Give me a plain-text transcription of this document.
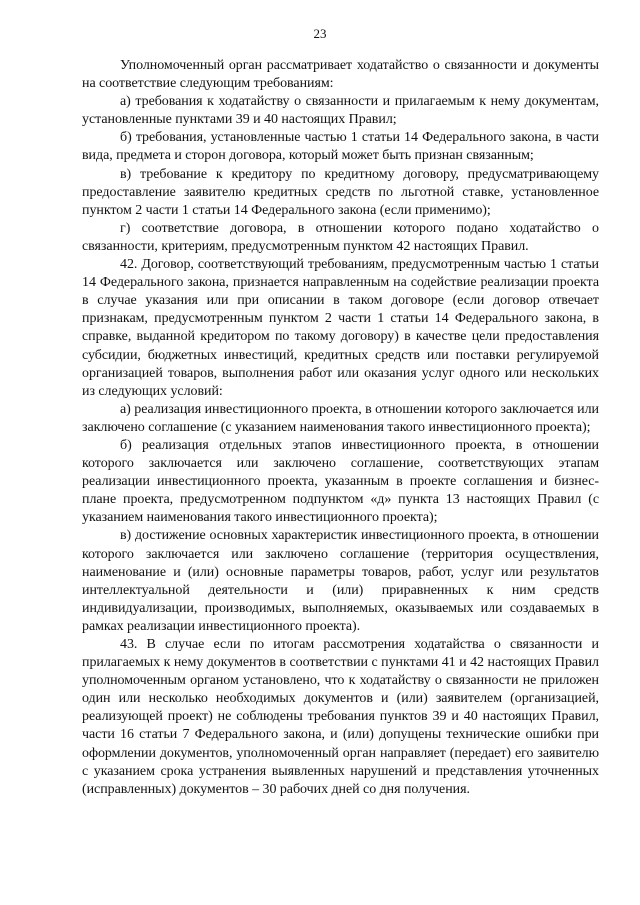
23

Уполномоченный орган рассматривает ходатайство о связанности и документы на соответствие следующим требованиям:

а) требования к ходатайству о связанности и прилагаемым к нему документам, установленные пунктами 39 и 40 настоящих Правил;

б) требования, установленные частью 1 статьи 14 Федерального закона, в части вида, предмета и сторон договора, который может быть признан связанным;

в) требование к кредитору по кредитному договору, предусматривающему предоставление заявителю кредитных средств по льготной ставке, установленное пунктом 2 части 1 статьи 14 Федерального закона (если применимо);

г) соответствие договора, в отношении которого подано ходатайство о связанности, критериям, предусмотренным пунктом 42 настоящих Правил.

42. Договор, соответствующий требованиям, предусмотренным частью 1 статьи 14 Федерального закона, признается направленным на содействие реализации проекта в случае указания или при описании в таком договоре (если договор отвечает признакам, предусмотренным пунктом 2 части 1 статьи 14 Федерального закона, в справке, выданной кредитором по такому договору) в качестве цели предоставления субсидии, бюджетных инвестиций, кредитных средств или поставки регулируемой организацией товаров, выполнения работ или оказания услуг одного или нескольких из следующих условий:

а) реализация инвестиционного проекта, в отношении которого заключается или заключено соглашение (с указанием наименования такого инвестиционного проекта);

б) реализация отдельных этапов инвестиционного проекта, в отношении которого заключается или заключено соглашение, соответствующих этапам реализации инвестиционного проекта, указанным в проекте соглашения и бизнес-плане проекта, предусмотренном подпунктом «д» пункта 13 настоящих Правил (с указанием наименования такого инвестиционного проекта);

в) достижение основных характеристик инвестиционного проекта, в отношении которого заключается или заключено соглашение (территория осуществления, наименование и (или) основные параметры товаров, работ, услуг или результатов интеллектуальной деятельности и (или) приравненных к ним средств индивидуализации, производимых, выполняемых, оказываемых или создаваемых в рамках реализации инвестиционного проекта).

43. В случае если по итогам рассмотрения ходатайства о связанности и прилагаемых к нему документов в соответствии с пунктами 41 и 42 настоящих Правил уполномоченным органом установлено, что к ходатайству о связанности не приложен один или несколько необходимых документов и (или) заявителем (организацией, реализующей проект) не соблюдены требования пунктов 39 и 40 настоящих Правил, части 16 статьи 7 Федерального закона, и (или) допущены технические ошибки при оформлении документов, уполномоченный орган направляет (передает) его заявителю с указанием срока устранения выявленных нарушений и представления уточненных (исправленных) документов – 30 рабочих дней со дня получения.
